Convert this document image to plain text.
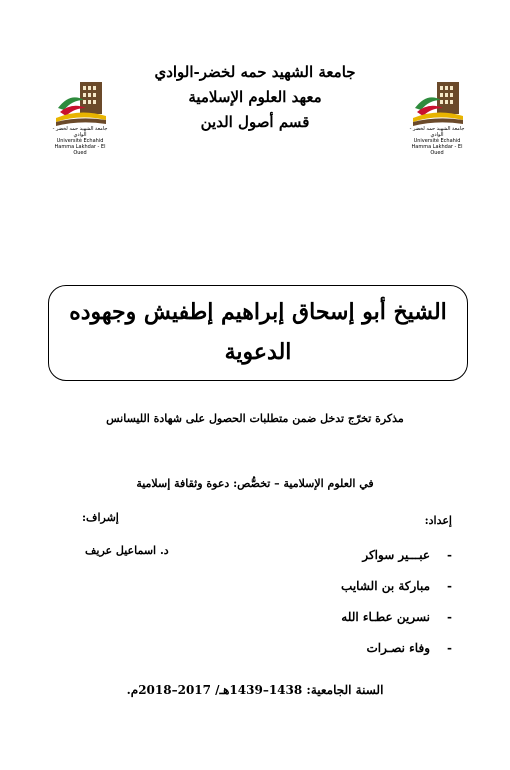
جامعة الشهيد حمه لخضر - الوادي
Université Echahid Hamma Lakhdar - El Oued
جامعة الشهيد حمه لخضر - الوادي
Université Echahid Hamma Lakhdar - El Oued
جامعة الشهيد حمه لخضر-الوادي
معهد العلوم الإسلامية
قسم أصول الدين
الشيخ أبو إسحاق إبراهيم إطفيش وجهوده
الدعوية
مذكرة تخرّج تدخل ضمن متطلبات الحصول على شهادة الليسانس
في العلوم الإسلامية – تخصُّص: دعوة وثقافة إسلامية
إعداد:
إشراف:
-عبـــير سواكر
-مباركة بن الشايب
-نسرين عطـاء الله
-وفاء نصـرات
د. اسماعيل عريف
السنة الجامعية: 1438–1439هـ/ 2017–2018م.
